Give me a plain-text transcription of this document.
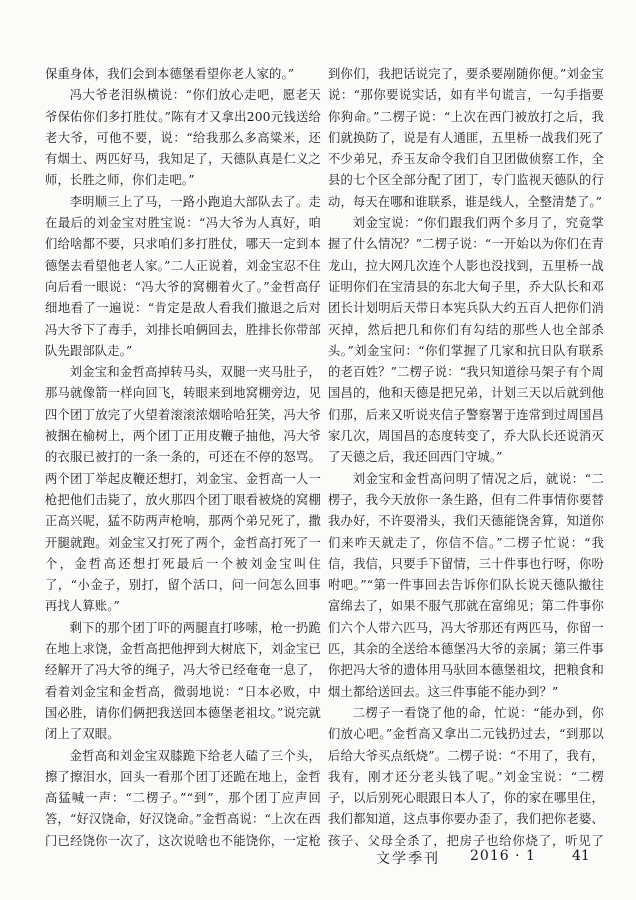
保重身体，我们会到本德堡看望你老人家的。”

冯大爷老泪纵横说：“你们放心走吧，愿老天爷保佑你们多打胜仗。”陈有才又拿出200元钱送给老大爷，可他不要，说：“给我那么多高粱米，还有烟土、两匹好马，我知足了，天德队真是仁义之师，长胜之师，你们走吧。”

李明顺三上了马，一路小跑追大部队去了。走在最后的刘金宝对胜宝说：“冯大爷为人真好，咱们给啥都不要，只求咱们多打胜仗，哪天一定到本德堡去看望他老人家。”二人正说着，刘金宝忍不住向后看一眼说：“冯大爷的窝棚着火了。”金哲高仔细地看了一遍说：“肯定是敌人看我们撤退之后对冯大爷下了毒手，刘排长咱俩回去，胜排长你带部队先跟部队走。”

刘金宝和金哲高掉转马头，双腿一夹马肚子，那马就像箭一样向回飞，转眼来到地窝棚旁边，见四个团丁放完了火望着滚滚浓烟哈哈狂笑，冯大爷被捆在榆树上，两个团丁正用皮鞭子抽他，冯大爷的衣服已被打的一条一条的，可还在不停的怒骂。两个团丁举起皮鞭还想打，刘金宝、金哲高一人一枪把他们击毙了，放火那四个团丁眼看被烧的窝棚正高兴呢，猛不防两声枪响，那两个弟兄死了，撒开腿就跑。刘金宝又打死了两个，金哲高打死了一个，金哲高还想打死最后一个被刘金宝叫住了，“小金子，别打，留个活口，问一问怎么回事再找人算账。”

剩下的那个团丁吓的两腿直打哆嗦，枪一扔跪在地上求饶，金哲高把他押到大树底下，刘金宝已经解开了冯大爷的绳子，冯大爷已经奄奄一息了，看着刘金宝和金哲高，微弱地说：“日本必败，中国必胜，请你们俩把我送回本德堡老祖坟。”说完就闭上了双眼。

金哲高和刘金宝双膝跪下给老人磕了三个头，擦了擦泪水，回头一看那个团丁还跪在地上，金哲高猛喊一声：“二楞子。”“到”，那个团丁应声回答，“好汉饶命，好汉饶命。”金哲高说：“上次在西门已经饶你一次了，这次说啥也不能饶你，一定枪

到你们，我把话说完了，要杀要剐随你便。”刘金宝说：“那你要说实话，如有半句谎言，一勾手指要你狗命。”二楞子说：“上次在西门被放打之后，我们就换防了，说是有人通匪，五里桥一战我们死了不少弟兄，乔玉友命令我们自卫团做侦察工作，全县的七个区全部分配了团丁，专门监视天德队的行动，每天在哪和谁联系，谁是线人，全整清楚了。”

刘金宝说：“你们跟我们两个多月了，究竟掌握了什么情况？”二楞子说：“一开始以为你们在青龙山，拉大网几次连个人影也没找到，五里桥一战证明你们在宝清县的东北大甸子里，乔大队长和邓团长计划明后天带日本宪兵队大约五百人把你们消灭掉，然后把几和你们有勾结的那些人也全部杀头。”刘金宝问：“你们掌握了几家和抗日队有联系的老百姓？”二楞子说：“我只知道徐马架子有个周国昌的，他和天德是把兄弟，计划三天以后就到他们那，后来又听说夹信子警察署于连常到过周国昌家几次，周国昌的态度转变了，乔大队长还说消灭了天德之后，我还回西门守城。”

刘金宝和金哲高问明了情况之后，就说：“二楞子，我今天放你一条生路，但有二件事情你要替我办好，不许耍滑头，我们天德能饶舍算，知道你们来咋天就走了，你信不信。”二楞子忙说：“我信，我信，只要手下留情，三十件事也行呀，你吩咐吧。”“第一件事回去告诉你们队长说天德队撤往富绵去了，如果不服气那就在富绵见；第二件事你们六个人带六匹马，冯大爷那还有两匹马，你留一匹，其余的全送给本德堡冯大爷的亲属；第三件事你把冯大爷的遗体用马驮回本德堡祖坟，把粮食和烟土都给送回去。这三件事能不能办到？”

二楞子一看饶了他的命，忙说：“能办到，你们放心吧。”金哲高又拿出二元钱扔过去，“到那以后给大爷买点纸烧”。二楞子说：“不用了，我有，我有，刚才还分老头钱了呢。”刘金宝说：“二楞子，以后别死心眼跟日本人了，你的家在哪里住，我们都知道，这点事你要办歪了，我们把你老婆、孩子、父母全杀了，把房子也给你烧了，听见了

文学季刊 2016 · 1	41
